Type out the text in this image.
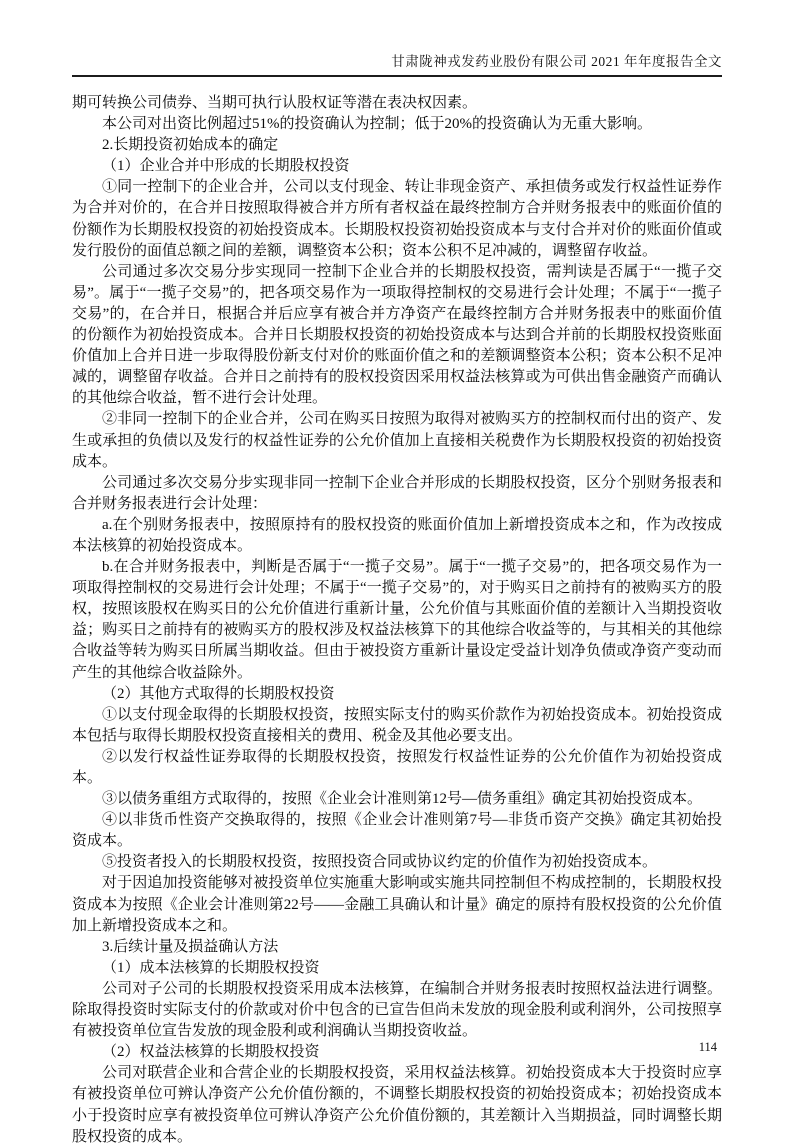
甘肃陇神戎发药业股份有限公司 2021 年年度报告全文

期可转换公司债券、当期可执行认股权证等潜在表决权因素。

本公司对出资比例超过51%的投资确认为控制；低于20%的投资确认为无重大影响。

2.长期投资初始成本的确定

（1）企业合并中形成的长期股权投资

①同一控制下的企业合并，公司以支付现金、转让非现金资产、承担债务或发行权益性证券作为合并对价的，在合并日按照取得被合并方所有者权益在最终控制方合并财务报表中的账面价值的份额作为长期股权投资的初始投资成本。长期股权投资初始投资成本与支付合并对价的账面价值或发行股份的面值总额之间的差额，调整资本公积；资本公积不足冲减的，调整留存收益。

公司通过多次交易分步实现同一控制下企业合并的长期股权投资，需判读是否属于“一揽子交易”。属于“一揽子交易”的，把各项交易作为一项取得控制权的交易进行会计处理；不属于“一揽子交易”的，在合并日，根据合并后应享有被合并方净资产在最终控制方合并财务报表中的账面价值的份额作为初始投资成本。合并日长期股权投资的初始投资成本与达到合并前的长期股权投资账面价值加上合并日进一步取得股份新支付对价的账面价值之和的差额调整资本公积；资本公积不足冲减的，调整留存收益。合并日之前持有的股权投资因采用权益法核算或为可供出售金融资产而确认的其他综合收益，暂不进行会计处理。

②非同一控制下的企业合并，公司在购买日按照为取得对被购买方的控制权而付出的资产、发生或承担的负债以及发行的权益性证券的公允价值加上直接相关税费作为长期股权投资的初始投资成本。

公司通过多次交易分步实现非同一控制下企业合并形成的长期股权投资，区分个别财务报表和合并财务报表进行会计处理：

a.在个别财务报表中，按照原持有的股权投资的账面价值加上新增投资成本之和，作为改按成本法核算的初始投资成本。

b.在合并财务报表中，判断是否属于“一揽子交易”。属于“一揽子交易”的，把各项交易作为一项取得控制权的交易进行会计处理；不属于“一揽子交易”的，对于购买日之前持有的被购买方的股权，按照该股权在购买日的公允价值进行重新计量，公允价值与其账面价值的差额计入当期投资收益；购买日之前持有的被购买方的股权涉及权益法核算下的其他综合收益等的，与其相关的其他综合收益等转为购买日所属当期收益。但由于被投资方重新计量设定受益计划净负债或净资产变动而产生的其他综合收益除外。

（2）其他方式取得的长期股权投资

①以支付现金取得的长期股权投资，按照实际支付的购买价款作为初始投资成本。初始投资成本包括与取得长期股权投资直接相关的费用、税金及其他必要支出。

②以发行权益性证券取得的长期股权投资，按照发行权益性证券的公允价值作为初始投资成本。

③以债务重组方式取得的，按照《企业会计准则第12号—债务重组》确定其初始投资成本。

④以非货币性资产交换取得的，按照《企业会计准则第7号—非货币资产交换》确定其初始投资成本。

⑤投资者投入的长期股权投资，按照投资合同或协议约定的价值作为初始投资成本。

对于因追加投资能够对被投资单位实施重大影响或实施共同控制但不构成控制的，长期股权投资成本为按照《企业会计准则第22号——金融工具确认和计量》确定的原持有股权投资的公允价值加上新增投资成本之和。

3.后续计量及损益确认方法

（1）成本法核算的长期股权投资

公司对子公司的长期股权投资采用成本法核算，在编制合并财务报表时按照权益法进行调整。除取得投资时实际支付的价款或对价中包含的已宣告但尚未发放的现金股利或利润外，公司按照享有被投资单位宣告发放的现金股利或利润确认当期投资收益。

（2）权益法核算的长期股权投资

公司对联营企业和合营企业的长期股权投资，采用权益法核算。初始投资成本大于投资时应享有被投资单位可辨认净资产公允价值份额的，不调整长期股权投资的初始投资成本；初始投资成本小于投资时应享有被投资单位可辨认净资产公允价值份额的，其差额计入当期损益，同时调整长期股权投资的成本。

114
